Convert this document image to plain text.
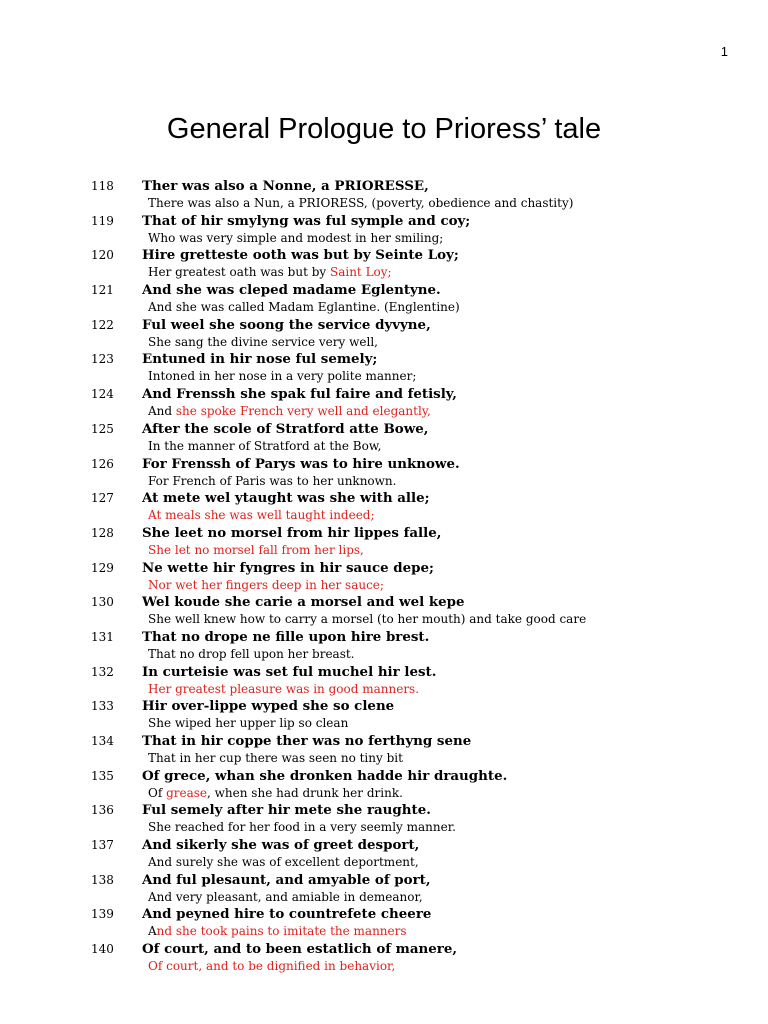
1
General Prologue to Prioress’ tale
118 Ther was also a Nonne, a PRIORESSE,
There was also a Nun, a PRIORESS, (poverty, obedience and chastity)
119 That of hir smylyng was ful symple and coy;
Who was very simple and modest in her smiling;
120 Hire gretteste ooth was but by Seinte Loy;
Her greatest oath was but by Saint Loy;
121 And she was cleped madame Eglentyne.
And she was called Madam Eglantine. (Englentine)
122 Ful weel she soong the service dyvyne,
She sang the divine service very well,
123 Entuned in hir nose ful semely;
Intoned in her nose in a very polite manner;
124 And Frenssh she spak ful faire and fetisly,
And she spoke French very well and elegantly,
125 After the scole of Stratford atte Bowe,
In the manner of Stratford at the Bow,
126 For Frenssh of Parys was to hire unknowe.
For French of Paris was to her unknown.
127 At mete wel ytaught was she with alle;
At meals she was well taught indeed;
128 She leet no morsel from hir lippes falle,
She let no morsel fall from her lips,
129 Ne wette hir fyngres in hir sauce depe;
Nor wet her fingers deep in her sauce;
130 Wel koude she carie a morsel and wel kepe
She well knew how to carry a morsel (to her mouth) and take good care
131 That no drope ne fille upon hire brest.
That no drop fell upon her breast.
132 In curteisie was set ful muchel hir lest.
Her greatest pleasure was in good manners.
133 Hir over-lippe wyped she so clene
She wiped her upper lip so clean
134 That in hir coppe ther was no ferthyng sene
That in her cup there was seen no tiny bit
135 Of grece, whan she dronken hadde hir draughte.
Of grease, when she had drunk her drink.
136 Ful semely after hir mete she raughte.
She reached for her food in a very seemly manner.
137 And sikerly she was of greet desport,
And surely she was of excellent deportment,
138 And ful plesaunt, and amyable of port,
And very pleasant, and amiable in demeanor,
139 And peyned hire to countrefete cheere
And she took pains to imitate the manners
140 Of court, and to been estatlich of manere,
Of court, and to be dignified in behavior,
